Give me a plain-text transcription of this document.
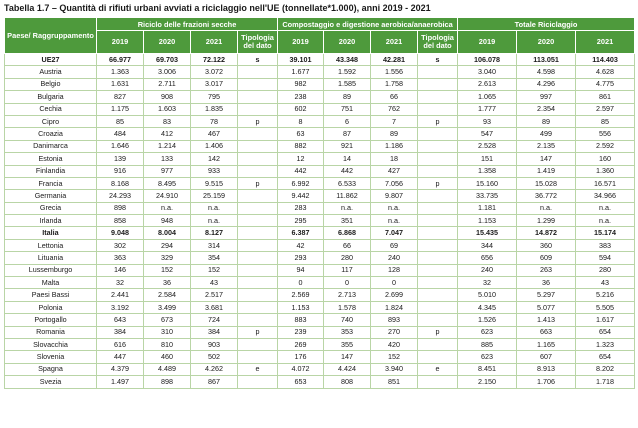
Tabella 1.7 – Quantità di rifiuti urbani avviati a riciclaggio nell'UE (tonnellate*1.000), anni 2019 - 2021
Paese/ Raggruppamento	Riciclo delle frazioni secche				Compostaggio e digestione aerobica/anaerobica				Totale Riciclaggio		
	2019	2020	2021	Tipologia del dato	2019	2020	2021	Tipologia del dato	2019	2020	2021
UE27	66.977	69.703	72.122	s	39.101	43.348	42.281	s	106.078	113.051	114.403
Austria	1.363	3.006	3.072		1.677	1.592	1.556		3.040	4.598	4.628
Belgio	1.631	2.711	3.017		982	1.585	1.758		2.613	4.296	4.775
Bulgaria	827	908	795		238	89	66		1.065	997	861
Cechia	1.175	1.603	1.835		602	751	762		1.777	2.354	2.597
Cipro	85	83	78	p	8	6	7	p	93	89	85
Croazia	484	412	467		63	87	89		547	499	556
Danimarca	1.646	1.214	1.406		882	921	1.186		2.528	2.135	2.592
Estonia	139	133	142		12	14	18		151	147	160
Finlandia	916	977	933		442	442	427		1.358	1.419	1.360
Francia	8.168	8.495	9.515	p	6.992	6.533	7.056	p	15.160	15.028	16.571
Germania	24.293	24.910	25.159		9.442	11.862	9.807		33.735	36.772	34.966
Grecia	898	n.a.	n.a.		283	n.a.	n.a.		1.181	n.a.	n.a.
Irlanda	858	948	n.a.		295	351	n.a.		1.153	1.299	n.a.
Italia	9.048	8.004	8.127		6.387	6.868	7.047		15.435	14.872	15.174
Lettonia	302	294	314		42	66	69		344	360	383
Lituania	363	329	354		293	280	240		656	609	594
Lussemburgo	146	152	152		94	117	128		240	263	280
Malta	32	36	43		0	0	0		32	36	43
Paesi Bassi	2.441	2.584	2.517		2.569	2.713	2.699		5.010	5.297	5.216
Polonia	3.192	3.499	3.681		1.153	1.578	1.824		4.345	5.077	5.505
Portogallo	643	673	724		883	740	893		1.526	1.413	1.617
Romania	384	310	384	p	239	353	270	p	623	663	654
Slovacchia	616	810	903		269	355	420		885	1.165	1.323
Slovenia	447	460	502		176	147	152		623	607	654
Spagna	4.379	4.489	4.262	e	4.072	4.424	3.940	e	8.451	8.913	8.202
Svezia	1.497	898	867		653	808	851		2.150	1.706	1.718
